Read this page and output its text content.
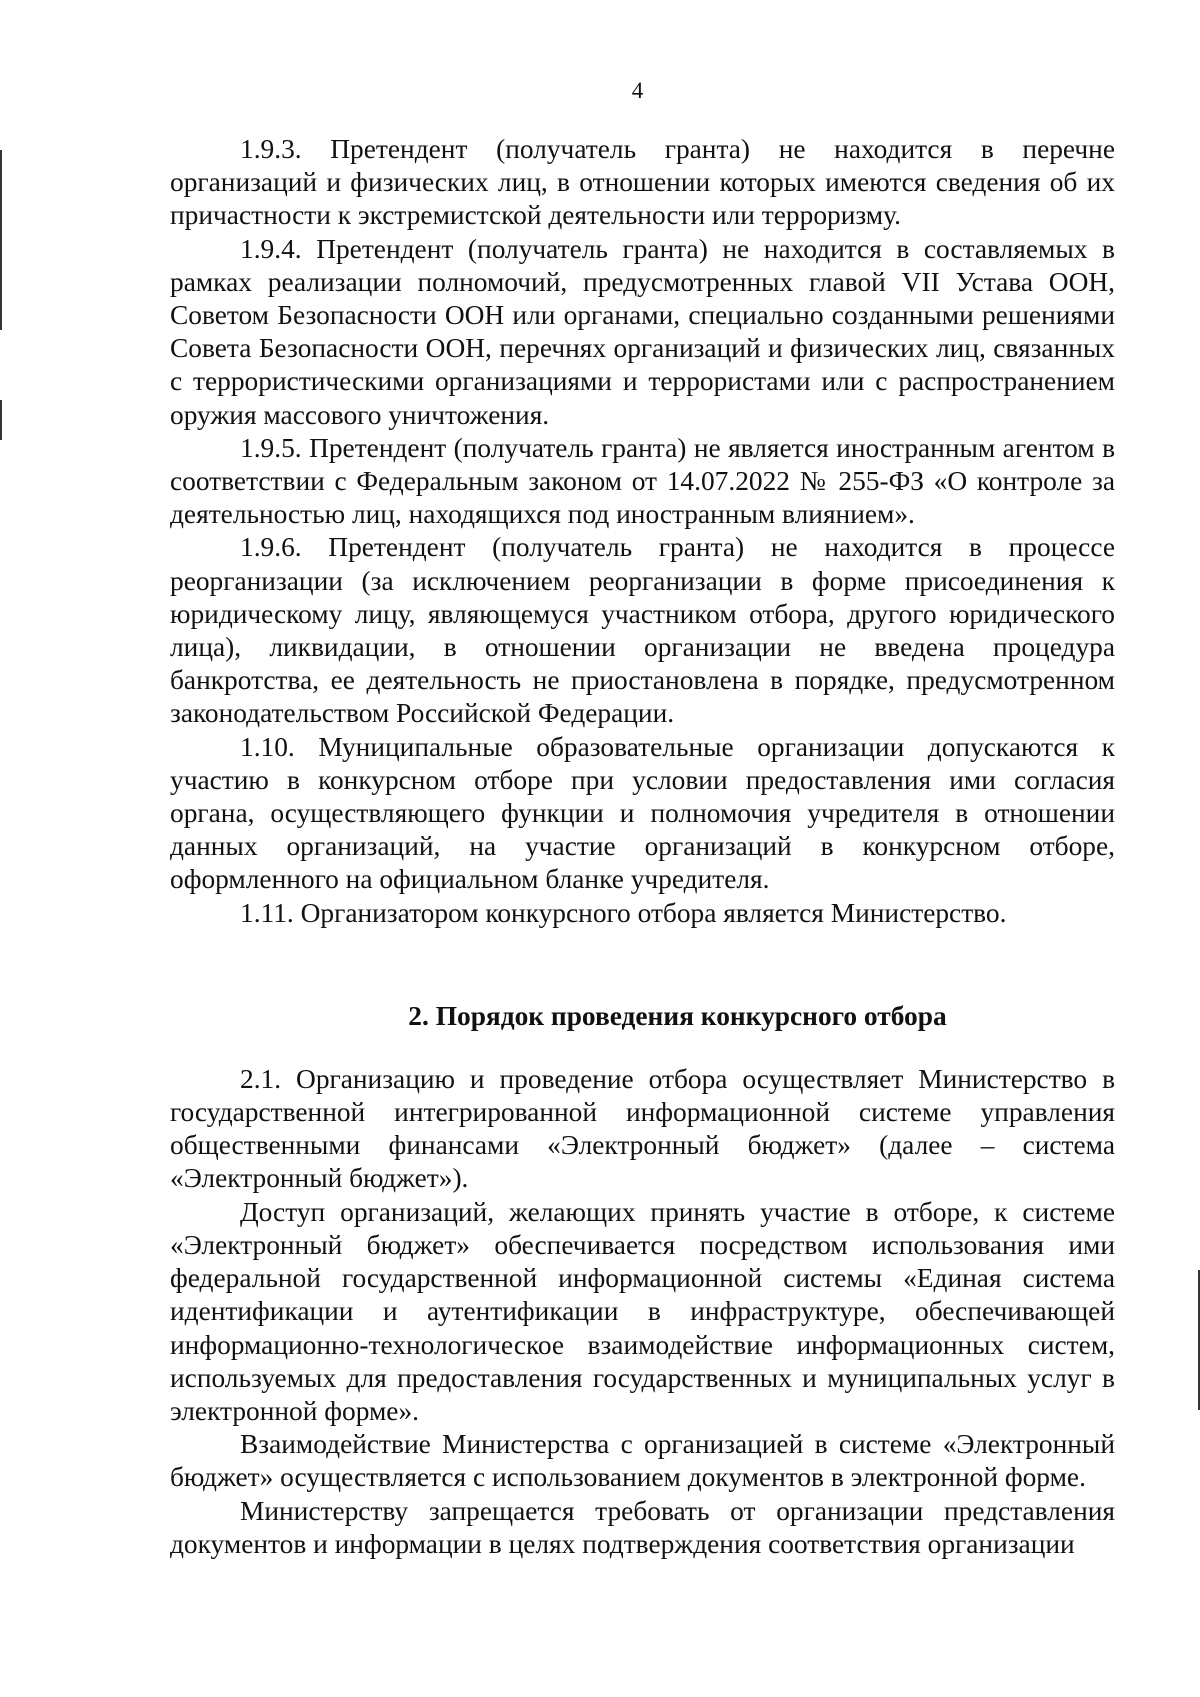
4

1.9.3. Претендент (получатель гранта) не находится в перечне организаций и физических лиц, в отношении которых имеются сведения об их причастности к экстремистской деятельности или терроризму.

1.9.4. Претендент (получатель гранта) не находится в составляемых в рамках реализации полномочий, предусмотренных главой VII Устава ООН, Советом Безопасности ООН или органами, специально созданными решениями Совета Безопасности ООН, перечнях организаций и физических лиц, связанных с террористическими организациями и террористами или с распространением оружия массового уничтожения.

1.9.5. Претендент (получатель гранта) не является иностранным агентом в соответствии с Федеральным законом от 14.07.2022 № 255-ФЗ «О контроле за деятельностью лиц, находящихся под иностранным влиянием».

1.9.6. Претендент (получатель гранта) не находится в процессе реорганизации (за исключением реорганизации в форме присоединения к юридическому лицу, являющемуся участником отбора, другого юридического лица), ликвидации, в отношении организации не введена процедура банкротства, ее деятельность не приостановлена в порядке, предусмотренном законодательством Российской Федерации.

1.10. Муниципальные образовательные организации допускаются к участию в конкурсном отборе при условии предоставления ими согласия органа, осуществляющего функции и полномочия учредителя в отношении данных организаций, на участие организаций в конкурсном отборе, оформленного на официальном бланке учредителя.

1.11. Организатором конкурсного отбора является Министерство.

2. Порядок проведения конкурсного отбора

2.1. Организацию и проведение отбора осуществляет Министерство в государственной интегрированной информационной системе управления общественными финансами «Электронный бюджет» (далее – система «Электронный бюджет»).

Доступ организаций, желающих принять участие в отборе, к системе «Электронный бюджет» обеспечивается посредством использования ими федеральной государственной информационной системы «Единая система идентификации и аутентификации в инфраструктуре, обеспечивающей информационно-технологическое взаимодействие информационных систем, используемых для предоставления государственных и муниципальных услуг в электронной форме».

Взаимодействие Министерства с организацией в системе «Электронный бюджет» осуществляется с использованием документов в электронной форме.

Министерству запрещается требовать от организации представления документов и информации в целях подтверждения соответствия организации
